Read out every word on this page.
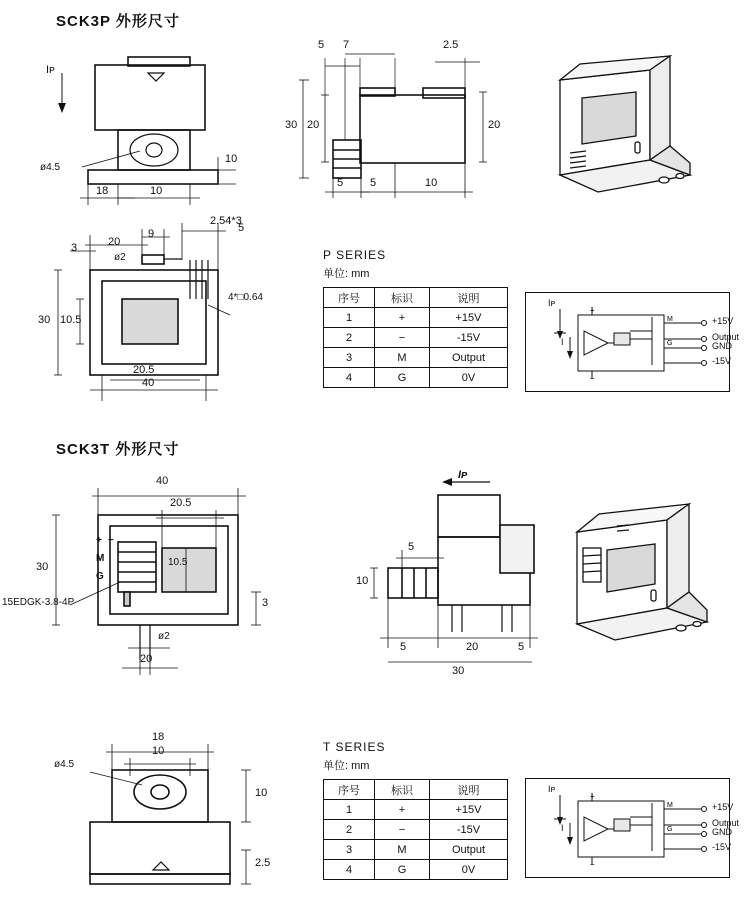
SCK3P 外形尺寸
Iᴘ
ø4.5
10
18	10
5 7	2.5
30 20	20
5 5	10
2.54*3
20
9	5
3
ø2
30 10.5
20.5
40
4*□0.64
P SERIES
单位: mm
序号	标识	说明
1	+	+15V
2	−	-15V
3	M	Output
4	G	0V
+
−
M
G
Iᴘ
I
+15V
Output
GND
-15V
SCK3T 外形尺寸
40
20.5
30	10.5
3
ø2
20
15EDGK-3.8-4P
+ −
M
G
Iᴘ
5
10
5	20	5
30
18
10
10
2.5
ø4.5
T SERIES
单位: mm
序号	标识	说明
1	+	+15V
2	−	-15V
3	M	Output
4	G	0V
+
−
M
G
Iᴘ
I
+15V
Output
GND
-15V
